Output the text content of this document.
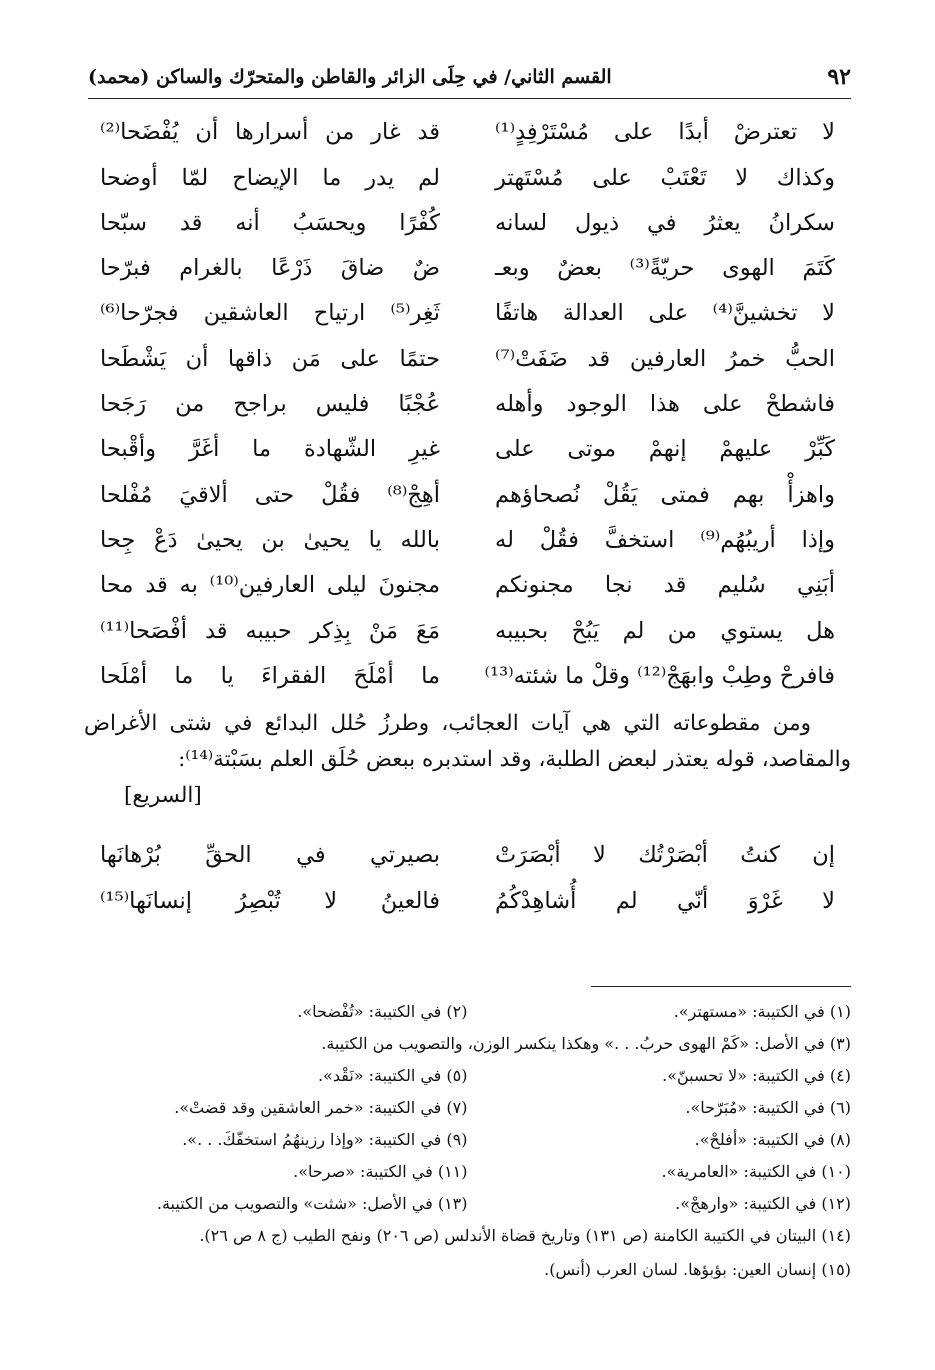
٩٢
القسم الثاني/ في حِلَى الزائر والقاطن والمتحرّك والساكن (محمد)
لا تعترضْ أبدًا على مُسْتَرْفِدٍ⁽¹⁾
قد غار من أسرارها أن يُفْضَحا⁽²⁾
وكذاك لا تَعْتَبْ على مُسْتَهتر
لم يدر ما الإيضاح لمّا أوضحا
سكرانُ يعثرُ في ذيول لسانه
كُفْرًا ويحسَبُ أنه قد سبّحا
كَتَمَ الهوى حريّةً⁽³⁾ بعضٌ وبعـ
ضٌ ضاقَ ذَرْعًا بالغرام فبرّحا
لا تخشينَّ⁽⁴⁾ على العدالة هاتفًا
ثَغِر⁽⁵⁾ ارتياح العاشقين فجرّحا⁽⁶⁾
الحبُّ خمرُ العارفين قد ضَفَتْ⁽⁷⁾
حتمًا على مَن ذاقها أن يَشْطَحا
فاشطحْ على هذا الوجود وأهله
عُجْبًا فليس براجح من رَجَحا
كَبِّرْ عليهمْ إنهمْ موتى على
غيرِ الشّهادة ما أغَرَّ وأقْبحا
واهزأْ بهم فمتى يَقُلْ نُصحاؤهم
أهِجْ⁽⁸⁾ فقُلْ حتى ألاقيَ مُفْلحا
وإذا أريبُهُم⁽⁹⁾ استخفَّ فقُلْ له
بالله يا يحيىٰ بن يحيىٰ دَعْ جِحا
أبَنِي سُليم قد نجا مجنونكم
مجنونَ ليلى العارفين⁽¹⁰⁾ به قد محا
هل يستوي من لم يَبُحْ بحبيبه
مَعَ مَنْ بِذِكر حبيبه قد أفْصَحا⁽¹¹⁾
فافرحْ وطِبْ وابهَجْ⁽¹²⁾ وقلْ ما شئته⁽¹³⁾
ما أمْلَحَ الفقراءَ يا ما أمْلَحا

ومن مقطوعاته التي هي آيات العجائب، وطرزُ حُلل البدائع في شتى الأغراض والمقاصد، قوله يعتذر لبعض الطلبة، وقد استدبره ببعض حُلَق العلم بسَبْتة⁽¹⁴⁾:

[السريع]

إن كنتُ أبْصَرْتُك لا أبْصَرَتْ
بصيرتي في الحقِّ بُرْهانَها
لا غَرْوَ أنّي لم أُشاهِدْكُمُ
فالعينُ لا تُبْصِرُ إنسانَها⁽¹⁵⁾
(١) في الكتيبة: «مستهتر».
(٢) في الكتيبة: «تُفْضحا».
(٣) في الأصل: «كَمْ الهوى حربُ. . .» وهكذا ينكسر الوزن، والتصويب من الكتيبة.
(٤) في الكتيبة: «لا تحسبنّ».
(٥) في الكتيبة: «نَقْد».
(٦) في الكتيبة: «مُبَرّحا».
(٧) في الكتيبة: «خمر العاشقين وقد قضتْ».
(٨) في الكتيبة: «أفلحْ».
(٩) في الكتيبة: «وإذا رزينهُمُ استخفّكَ. . .».
(١٠) في الكتيبة: «العامرية».
(١١) في الكتيبة: «صرحا».
(١٢) في الكتيبة: «وارهجْ».
(١٣) في الأصل: «شثت» والتصويب من الكتيبة.
(١٤) البيتان في الكتيبة الكامنة (ص ١٣١) وتاريخ قضاة الأندلس (ص ٢٠٦) ونفح الطيب (ج ٨ ص ٢٦).
(١٥) إنسان العين: بؤبؤها. لسان العرب (أنس).
